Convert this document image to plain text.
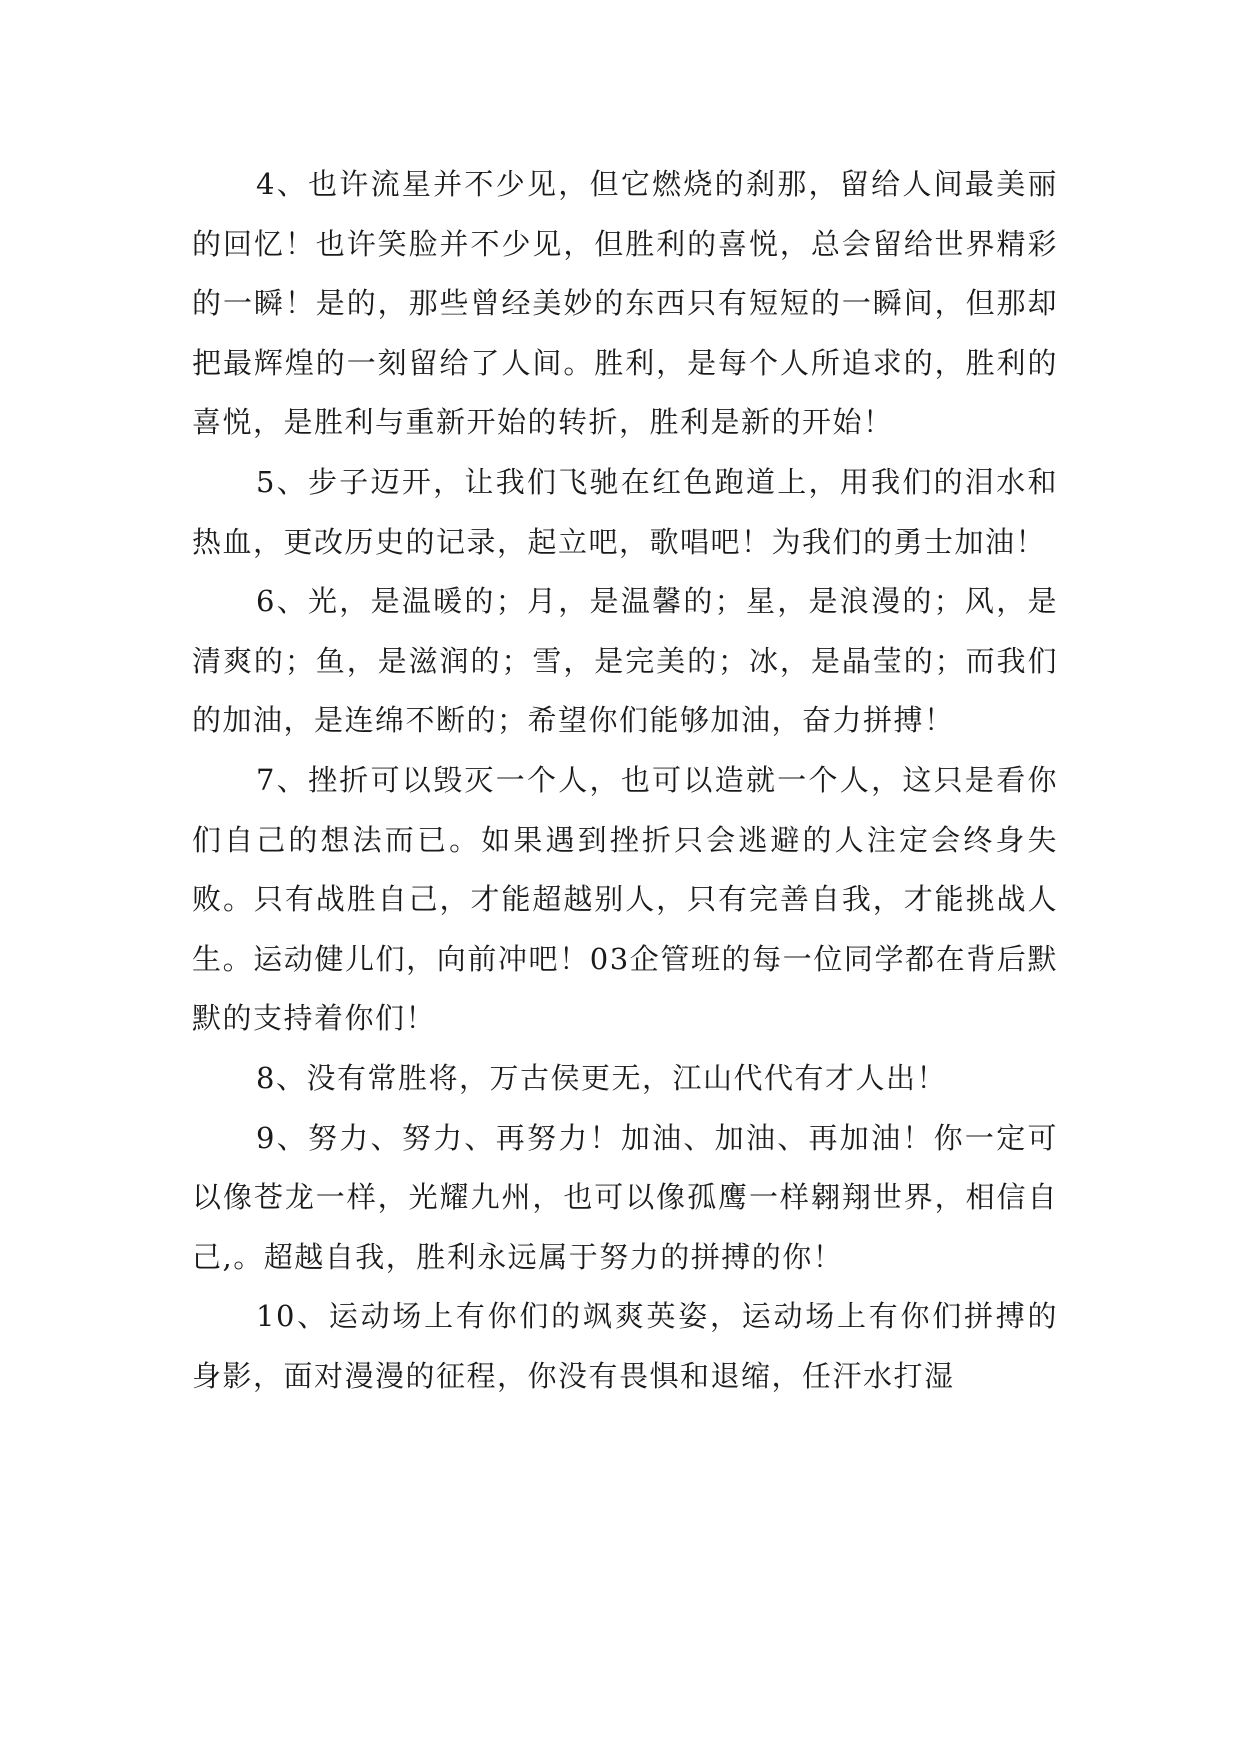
4、也许流星并不少见，但它燃烧的刹那，留给人间最美丽的回忆！也许笑脸并不少见，但胜利的喜悦，总会留给世界精彩的一瞬！是的，那些曾经美妙的东西只有短短的一瞬间，但那却把最辉煌的一刻留给了人间。胜利，是每个人所追求的，胜利的喜悦，是胜利与重新开始的转折，胜利是新的开始！

5、步子迈开，让我们飞驰在红色跑道上，用我们的泪水和热血，更改历史的记录，起立吧，歌唱吧！为我们的勇士加油！

6、光，是温暖的；月，是温馨的；星，是浪漫的；风，是清爽的；鱼，是滋润的；雪，是完美的；冰，是晶莹的；而我们的加油，是连绵不断的；希望你们能够加油，奋力拼搏！

7、挫折可以毁灭一个人，也可以造就一个人，这只是看你们自己的想法而已。如果遇到挫折只会逃避的人注定会终身失败。只有战胜自己，才能超越别人，只有完善自我，才能挑战人生。运动健儿们，向前冲吧！03企管班的每一位同学都在背后默默的支持着你们！

8、没有常胜将，万古侯更无，江山代代有才人出！

9、努力、努力、再努力！加油、加油、再加油！你一定可以像苍龙一样，光耀九州，也可以像孤鹰一样翱翔世界，相信自己,。超越自我，胜利永远属于努力的拼搏的你！

10、运动场上有你们的飒爽英姿，运动场上有你们拼搏的身影，面对漫漫的征程，你没有畏惧和退缩，任汗水打湿
